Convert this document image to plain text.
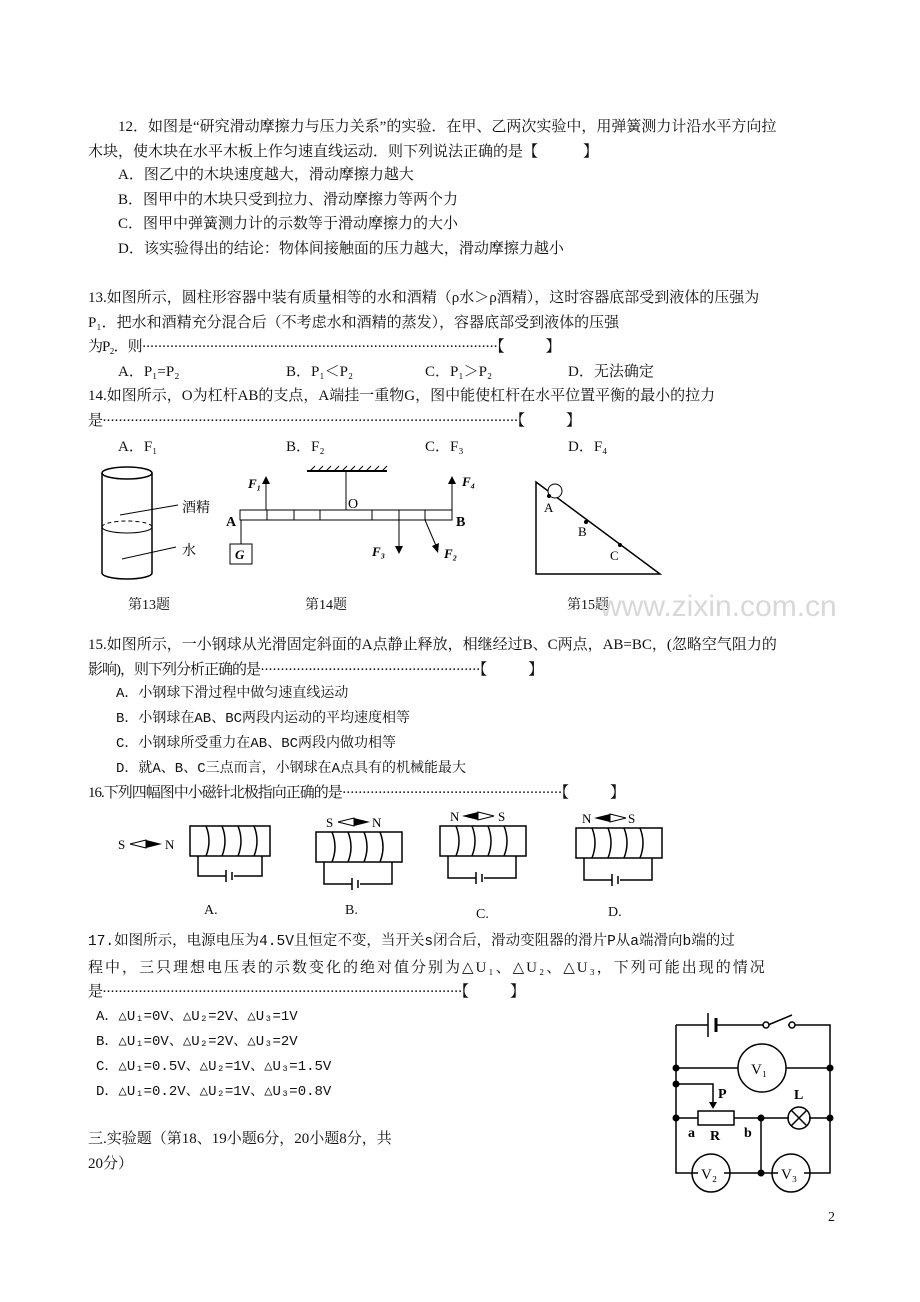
12．如图是“研究滑动摩擦力与压力关系”的实验．在甲、乙两次实验中，用弹簧测力计沿水平方向拉
木块，使木块在水平木板上作匀速直线运动．则下列说法正确的是【　　　】
A．图乙中的木块速度越大，滑动摩擦力越大
B．图甲中的木块只受到拉力、滑动摩擦力等两个力
C．图甲中弹簧测力计的示数等于滑动摩擦力的大小
D．该实验得出的结论：物体间接触面的压力越大，滑动摩擦力越小
13.如图所示，圆柱形容器中装有质量相等的水和酒精（ρ水＞ρ酒精），这时容器底部受到液体的压强为
P₁．把水和酒精充分混合后（不考虑水和酒精的蒸发），容器底部受到液体的压强
为P₂．则·························································································【　　　】
A．P₁=P₂	B．P₁＜P₂	C．P₁＞P₂	D．无法确定
14.如图所示，O为杠杆AB的支点，A端挂一重物G，图中能使杠杆在水平位置平衡的最小的拉力
是········································································································【　　　】
A．F₁	B．F₂	C．F₃	D．F₄
酒精
水
第13题
G
F₁	F₄
F₃	F₂
A	B
O
第14题
A
B
C
第15题
www.zixin.com.cn
15.如图所示，一小钢球从光滑固定斜面的A点静止释放，相继经过B、C两点，AB=BC，(忽略空气阻力的
影响)，则下列分析正确的是·······················································【　　　】
A．小钢球下滑过程中做匀速直线运动
B．小钢球在AB、BC两段内运动的平均速度相等
C．小钢球所受重力在AB、BC两段内做功相等
D．就A、B、C三点而言，小钢球在A点具有的机械能最大
16.下列四幅图中小磁针北极指向正确的是·······················································【　　　】
S	N
A.
S	N
B.
N	S
C.
N	S
D.
17.如图所示，电源电压为4.5V且恒定不变，当开关s闭合后，滑动变阻器的滑片P从a端滑向b端的过
程中，三只理想电压表的示数变化的绝对值分别为△U₁、△U₂、△U₃，下列可能出现的情况
是··························································································【　　　】
A．△U₁=0V、△U₂=2V、△U₃=1V
B．△U₁=0V、△U₂=2V、△U₃=2V
C．△U₁=0.5V、△U₂=1V、△U₃=1.5V
D．△U₁=0.2V、△U₂=1V、△U₃=0.8V
V₁
V₂	V₃
P	L
R
a	b
三.实验题（第18、19小题6分，20小题8分，共
20分）
2
